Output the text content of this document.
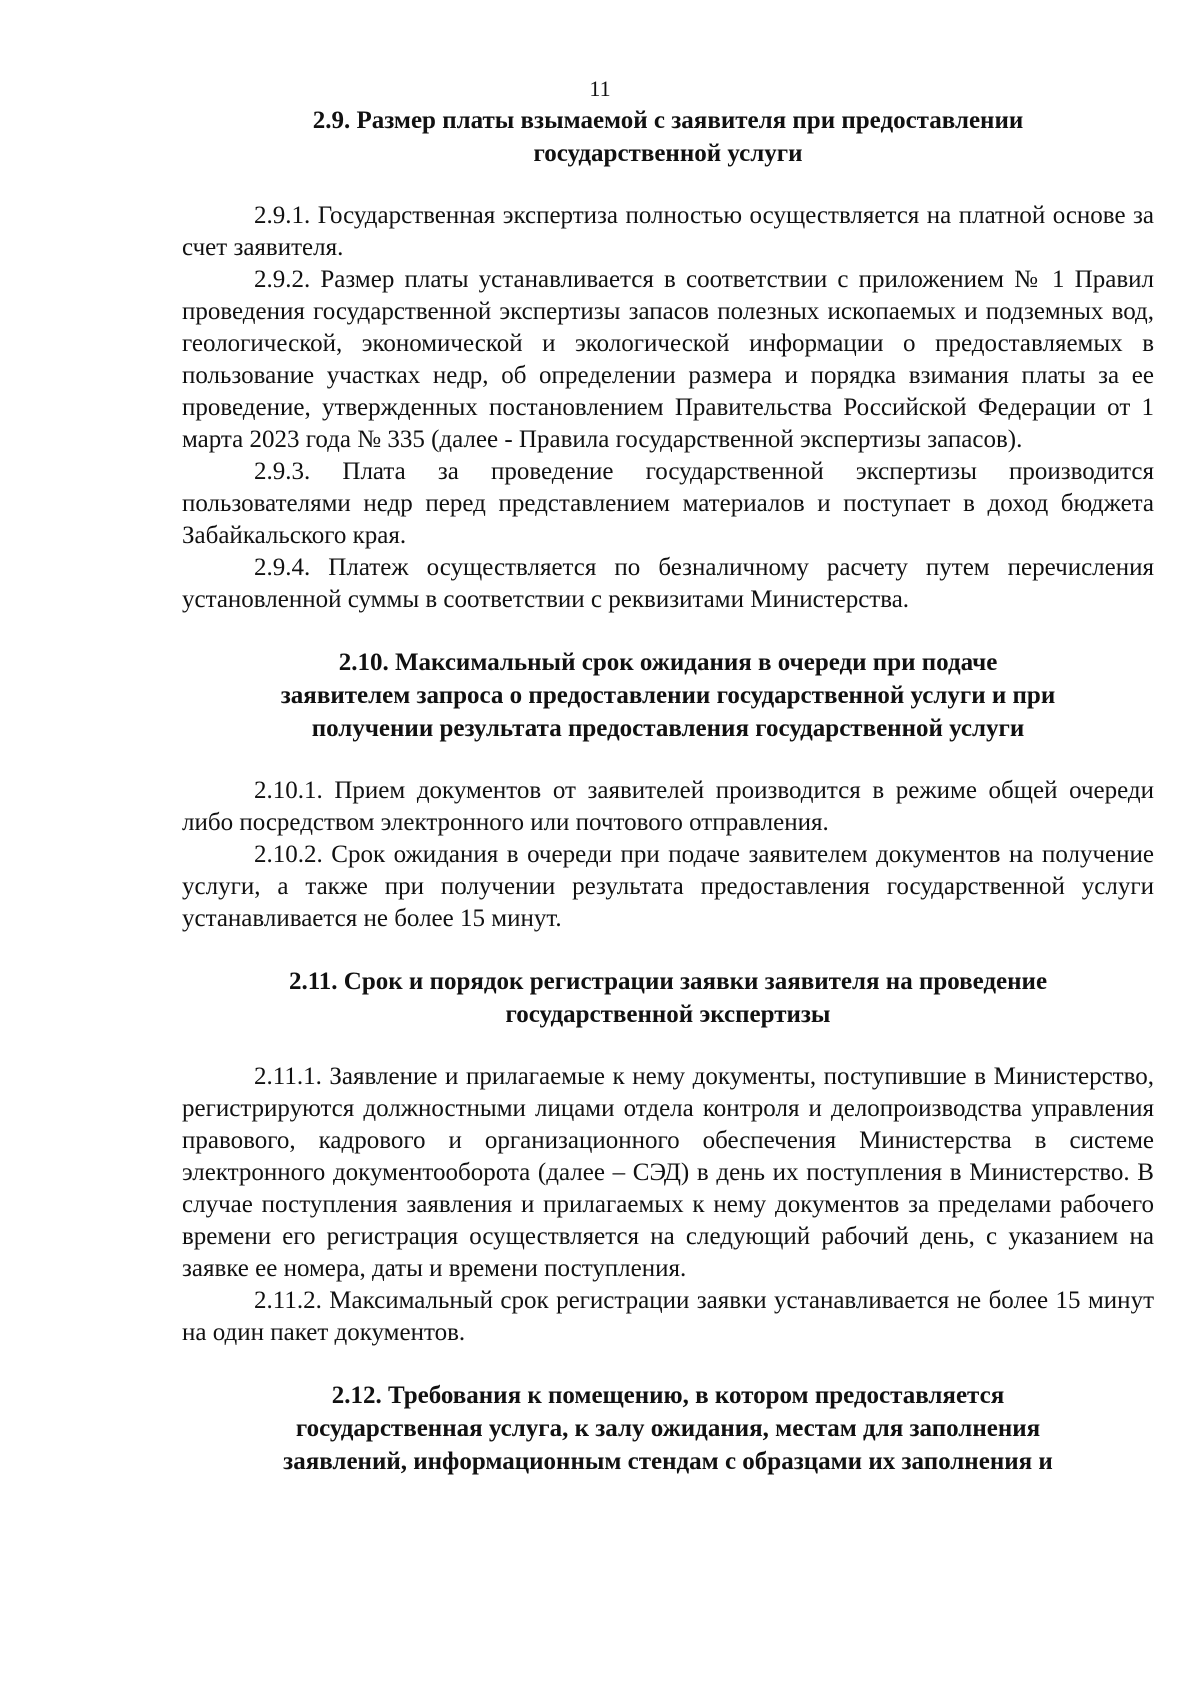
11
2.9. Размер платы взымаемой с заявителя при предоставлении
государственной услуги

2.9.1. Государственная экспертиза полностью осуществляется на платной основе за счет заявителя.

2.9.2. Размер платы устанавливается в соответствии с приложением № 1 Правил проведения государственной экспертизы запасов полезных ископаемых и подземных вод, геологической, экономической и экологической информации о предоставляемых в пользование участках недр, об определении размера и порядка взимания платы за ее проведение, утвержденных постановлением Правительства Российской Федерации от 1 марта 2023 года № 335 (далее - Правила государственной экспертизы запасов).

2.9.3. Плата за проведение государственной экспертизы производится пользователями недр перед представлением материалов и поступает в доход бюджета Забайкальского края.

2.9.4. Платеж осуществляется по безналичному расчету путем перечисления установленной суммы в соответствии с реквизитами Министерства.

2.10. Максимальный срок ожидания в очереди при подаче
заявителем запроса о предоставлении государственной услуги и при
получении результата предоставления государственной услуги

2.10.1. Прием документов от заявителей производится в режиме общей очереди либо посредством электронного или почтового отправления.

2.10.2. Срок ожидания в очереди при подаче заявителем документов на получение услуги, а также при получении результата предоставления государственной услуги устанавливается не более 15 минут.

2.11. Срок и порядок регистрации заявки заявителя на проведение
государственной экспертизы

2.11.1. Заявление и прилагаемые к нему документы, поступившие в Министерство, регистрируются должностными лицами отдела контроля и делопроизводства управления правового, кадрового и организационного обеспечения Министерства в системе электронного документооборота (далее – СЭД) в день их поступления в Министерство. В случае поступления заявления и прилагаемых к нему документов за пределами рабочего времени его регистрация осуществляется на следующий рабочий день, с указанием на заявке ее номера, даты и времени поступления.

2.11.2. Максимальный срок регистрации заявки устанавливается не более 15 минут на один пакет документов.

2.12. Требования к помещению, в котором предоставляется
государственная услуга, к залу ожидания, местам для заполнения
заявлений, информационным стендам с образцами их заполнения и
